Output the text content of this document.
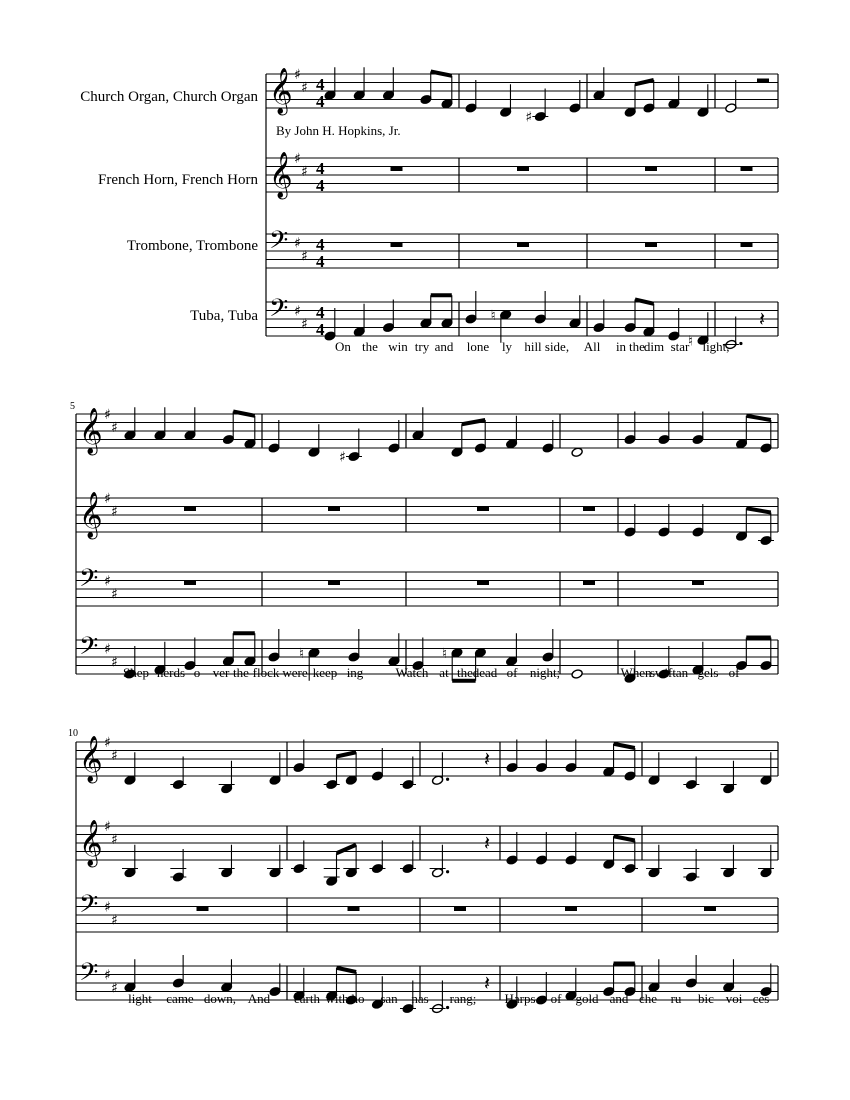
𝄞 ♯
♯ 4
4
𝄞 ♯
♯ 4
4
𝄢 ♯
♯
4
4
𝄢 ♯
♯
4
4
♯
♮
♮
𝄽
𝄞 ♯
♯
𝄞 ♯
♯
𝄢 ♯
♯
𝄢 ♯
♯
♯
♮	♮
𝄞 ♯
♯
𝄞 ♯
♯
𝄢 ♯
♯
𝄢 ♯
♯
𝄽
𝄽
𝄽
Church Organ, Church Organ
French Horn, French Horn
Trombone, Trombone
Tuba, Tuba
By John H. Hopkins, Jr.
5
10
On the win try and lone ly hill side, All in the
dim star light,
Shep herds o ver the flock were keep ing Watch at the dead of night;	When
swift an gels of
light came down, And earth with ho san nas rang; Harps of gold and che ru bic voi ces
